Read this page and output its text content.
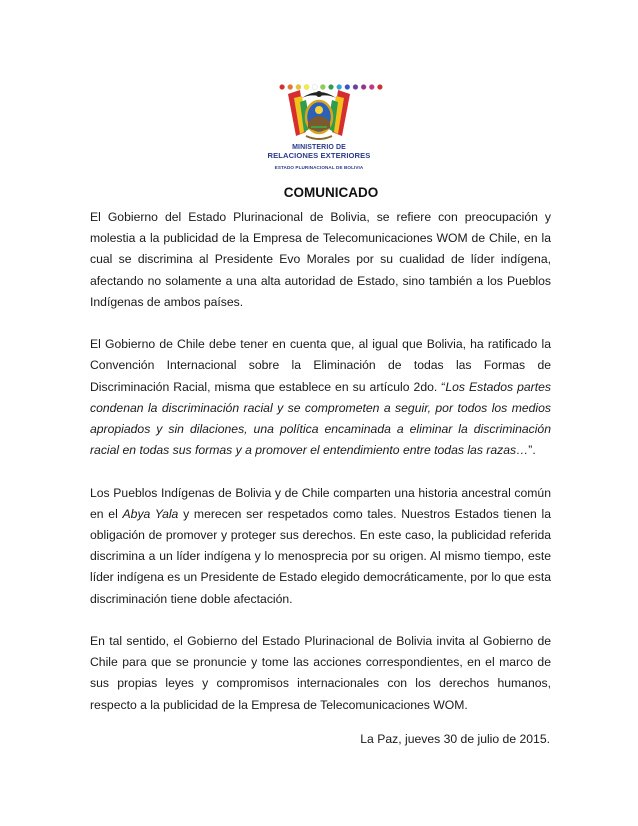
MINISTERIO DE
RELACIONES EXTERIORES
ESTADO PLURINACIONAL DE BOLIVIA
COMUNICADO

El Gobierno del Estado Plurinacional de Bolivia, se refiere con preocupación y molestia a la publicidad de la Empresa de Telecomunicaciones WOM de Chile, en la cual se discrimina al Presidente Evo Morales por su cualidad de líder indígena, afectando no solamente a una alta autoridad de Estado, sino también a los Pueblos Indígenas de ambos países.

El Gobierno de Chile debe tener en cuenta que, al igual que Bolivia, ha ratificado la Convención Internacional sobre la Eliminación de todas las Formas de Discriminación Racial, misma que establece en su artículo 2do. “Los Estados partes condenan la discriminación racial y se comprometen a seguir, por todos los medios apropiados y sin dilaciones, una política encaminada a eliminar la discriminación racial en todas sus formas y a promover el entendimiento entre todas las razas…”.

Los Pueblos Indígenas de Bolivia y de Chile comparten una historia ancestral común en el Abya Yala y merecen ser respetados como tales. Nuestros Estados tienen la obligación de promover y proteger sus derechos. En este caso, la publicidad referida discrimina a un líder indígena y lo menosprecia por su origen. Al mismo tiempo, este líder indígena es un Presidente de Estado elegido democráticamente, por lo que esta discriminación tiene doble afectación.

En tal sentido, el Gobierno del Estado Plurinacional de Bolivia invita al Gobierno de Chile para que se pronuncie y tome las acciones correspondientes, en el marco de sus propias leyes y compromisos internacionales con los derechos humanos, respecto a la publicidad de la Empresa de Telecomunicaciones WOM.

La Paz, jueves 30 de julio de 2015.
